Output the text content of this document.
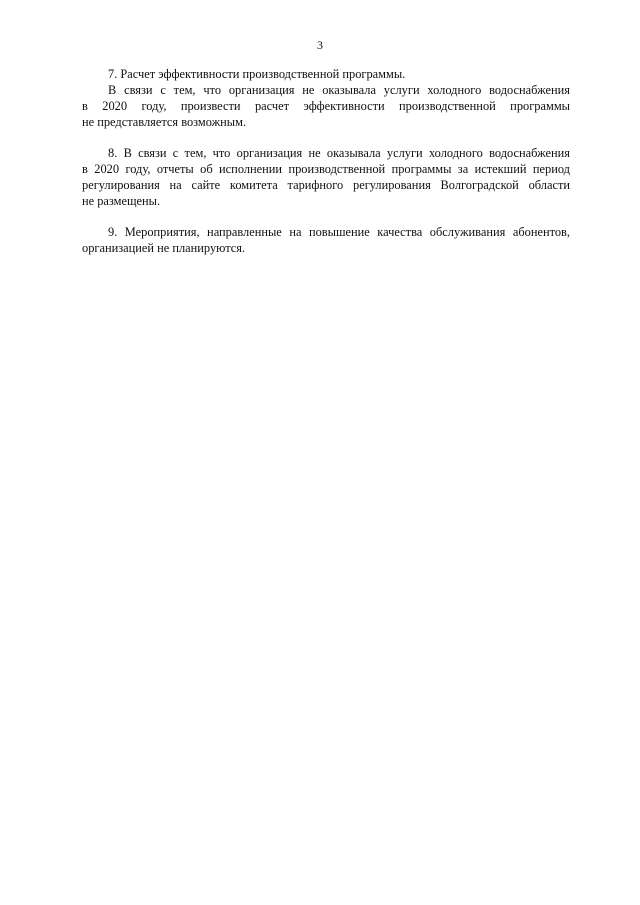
3
7. Расчет эффективности производственной программы.
В связи с тем, что организация не оказывала услуги холодного водоснабжения
в 2020 году, произвести расчет эффективности производственной программы
не представляется возможным.
8. В связи с тем, что организация не оказывала услуги холодного водоснабжения
в 2020 году, отчеты об исполнении производственной программы за истекший период
регулирования на сайте комитета тарифного регулирования Волгоградской области
не размещены.
9. Мероприятия, направленные на повышение качества обслуживания абонентов,
организацией не планируются.
